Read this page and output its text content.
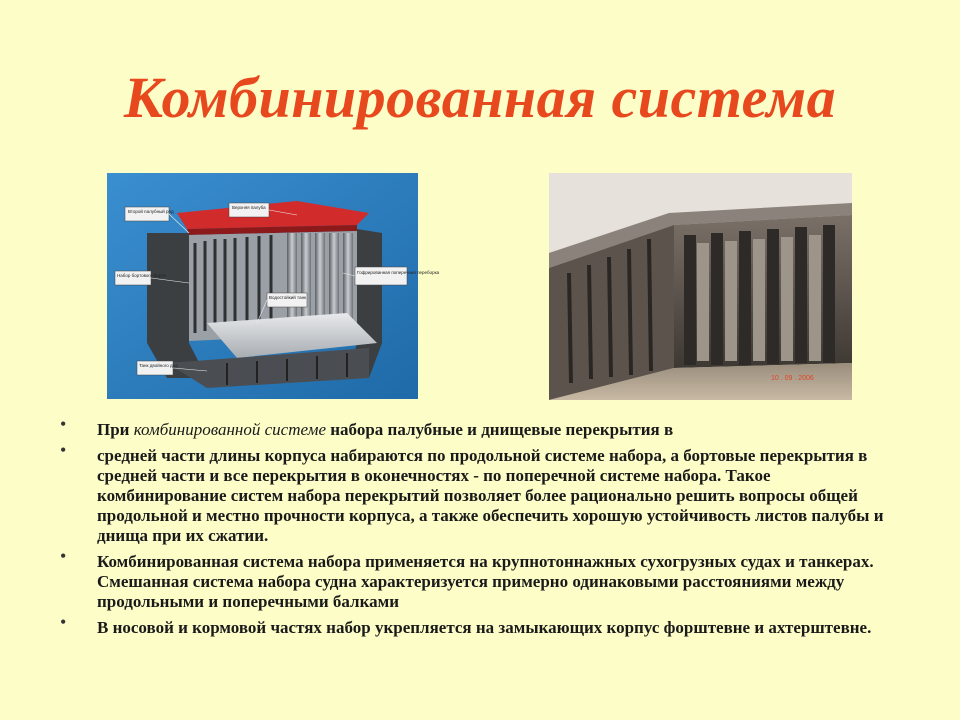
Комбинированная система
Второй палубный ряд
Верхняя палуба
Набор бортового борта
Гофрированная поперечная переборка
Водостойкий танк
Танк двойного дна
10 . 09 . 2006
• При комбинированной системе набора палубные и днищевые перекрытия в
• средней части длины корпуса набираются по продольной системе набора, а бортовые перекрытия в средней части и все перекрытия в оконечностях - по поперечной системе набора. Такое комбинирование систем набора перекрытий позволяет более рационально решить вопросы общей продольной и местно прочности корпуса, а также обеспечить хорошую устойчивость листов палубы и днища при их сжатии.
• Комбинированная система набора применяется на крупнотоннажных сухогрузных судах и танкерах. Смешанная система набора судна характеризуется примерно одинаковыми расстояниями между продольными и поперечными балками
• В носовой и кормовой частях набор укрепляется на замыкающих корпус форштевне и ахтерштевне.
